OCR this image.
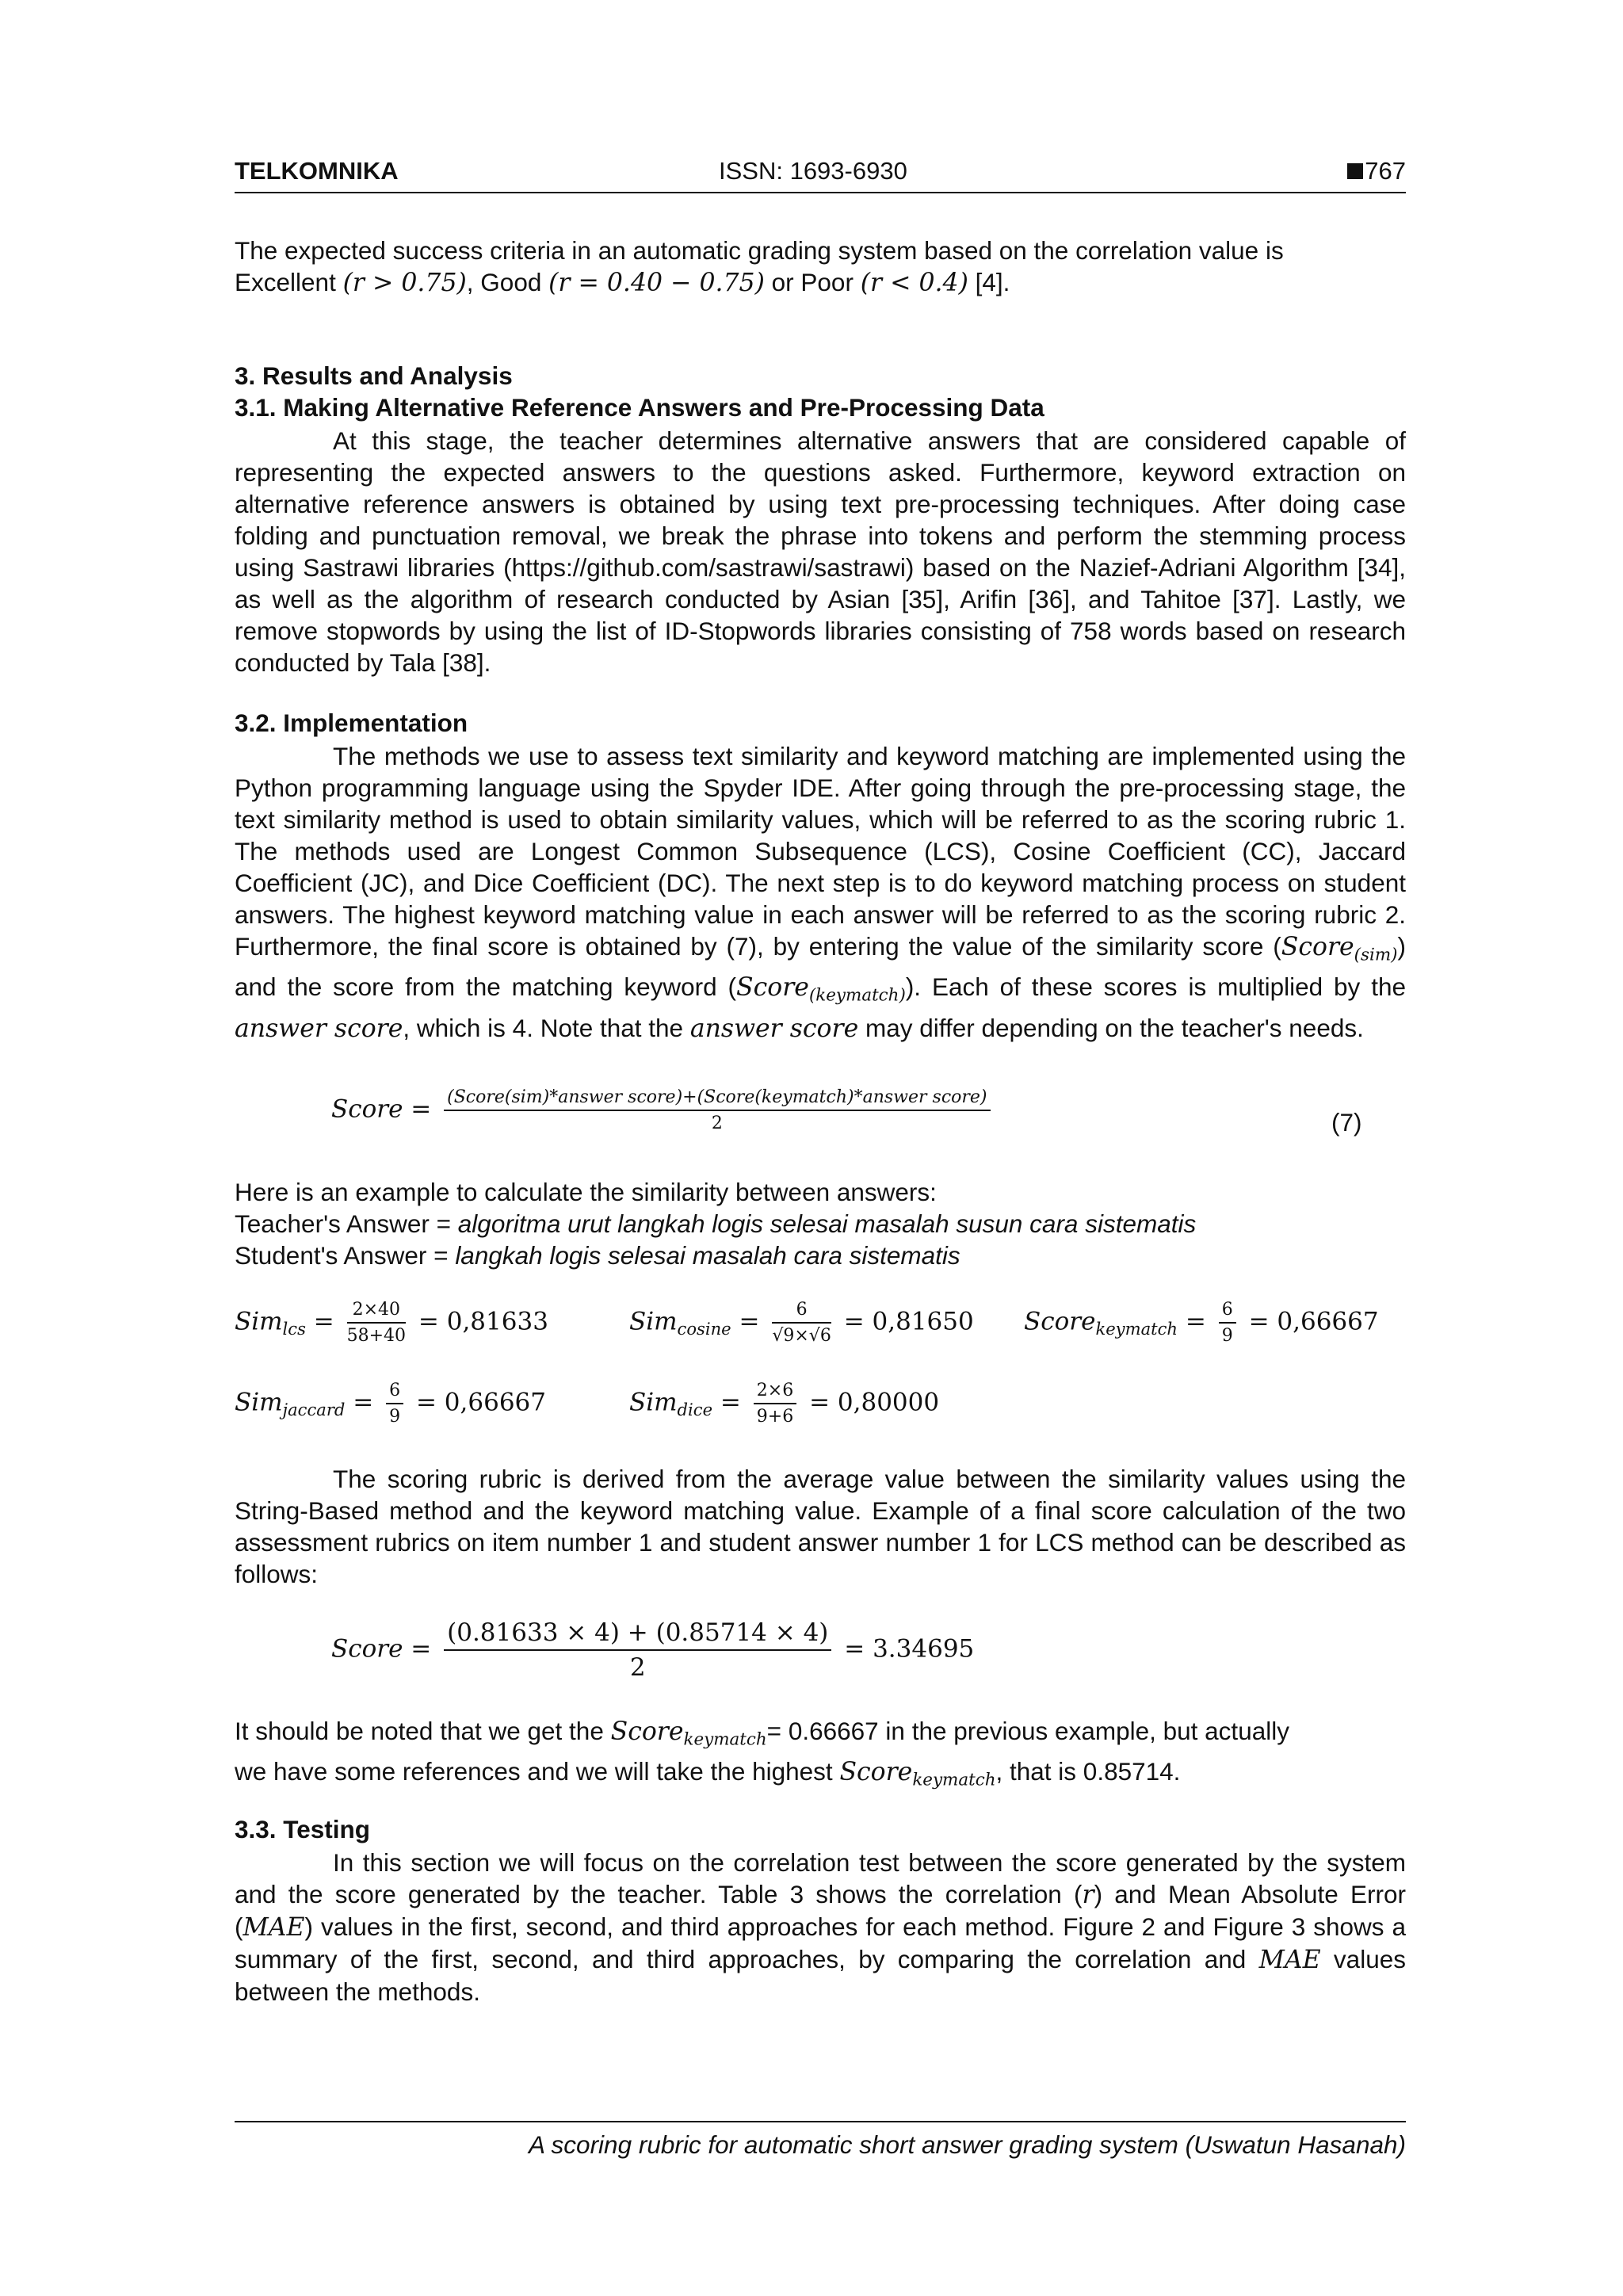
TELKOMNIKA	ISSN: 1693-6930	767
The expected success criteria in an automatic grading system based on the correlation value is
Excellent (r > 0.75), Good (r = 0.40 − 0.75) or Poor (r < 0.4) [4].
3. Results and Analysis
3.1. Making Alternative Reference Answers and Pre-Processing Data
At this stage, the teacher determines alternative answers that are considered capable of representing the expected answers to the questions asked. Furthermore, keyword extraction on alternative reference answers is obtained by using text pre-processing techniques. After doing case folding and punctuation removal, we break the phrase into tokens and perform the stemming process using Sastrawi libraries (https://github.com/sastrawi/sastrawi) based on the Nazief-Adriani Algorithm [34], as well as the algorithm of research conducted by Asian [35], Arifin [36], and Tahitoe [37]. Lastly, we remove stopwords by using the list of ID-Stopwords libraries consisting of 758 words based on research conducted by Tala [38].
3.2. Implementation
The methods we use to assess text similarity and keyword matching are implemented using the Python programming language using the Spyder IDE. After going through the pre-processing stage, the text similarity method is used to obtain similarity values, which will be referred to as the scoring rubric 1. The methods used are Longest Common Subsequence (LCS), Cosine Coefficient (CC), Jaccard Coefficient (JC), and Dice Coefficient (DC). The next step is to do keyword matching process on student answers. The highest keyword matching value in each answer will be referred to as the scoring rubric 2. Furthermore, the final score is obtained by (7), by entering the value of the similarity score (Score$_{(sim)}$) and the score from the matching keyword (Score$_{(keymatch)}$). Each of these scores is multiplied by the answer score, which is 4. Note that the answer score may differ depending on the teacher's needs.
Score = $\frac{\text{(Score(sim)*answer score)+(Score(keymatch)*answer score)}}{2}$	(7)
Here is an example to calculate the similarity between answers:
Teacher's Answer = algoritma urut langkah logis selesai masalah susun cara sistematis
Student's Answer = langkah logis selesai masalah cara sistematis
$Sim_{lcs} = \frac{2\times 40}{58+40} = 0,81633$	$Sim_{cosine} = \frac{6}{√9\times√6} = 0,81650$ Score$_{keymatch}$ = $\frac{6}{9} = 0,66667$
$Sim_{jaccard} = \frac{6}{9} = 0,66667$	$Sim_{dice} = \frac{2\times 6}{9+6} = 0,80000$
The scoring rubric is derived from the average value between the similarity values using the String-Based method and the keyword matching value. Example of a final score calculation of the two assessment rubrics on item number 1 and student answer number 1 for LCS method can be described as follows:
Score = $\frac{(0.81633 \times 4) + (0.85714 \times 4)}{2} = 3.34695$
It should be noted that we get the Score$_{keymatch}$= 0.66667 in the previous example, but actually
we have some references and we will take the highest Score$_{keymatch}$, that is 0.85714.
3.3. Testing
In this section we will focus on the correlation test between the score generated by the system and the score generated by the teacher. Table 3 shows the correlation (r) and Mean Absolute Error (MAE) values in the first, second, and third approaches for each method. Figure 2 and Figure 3 shows a summary of the first, second, and third approaches, by comparing the correlation and MAE values between the methods.
A scoring rubric for automatic short answer grading system (Uswatun Hasanah)
